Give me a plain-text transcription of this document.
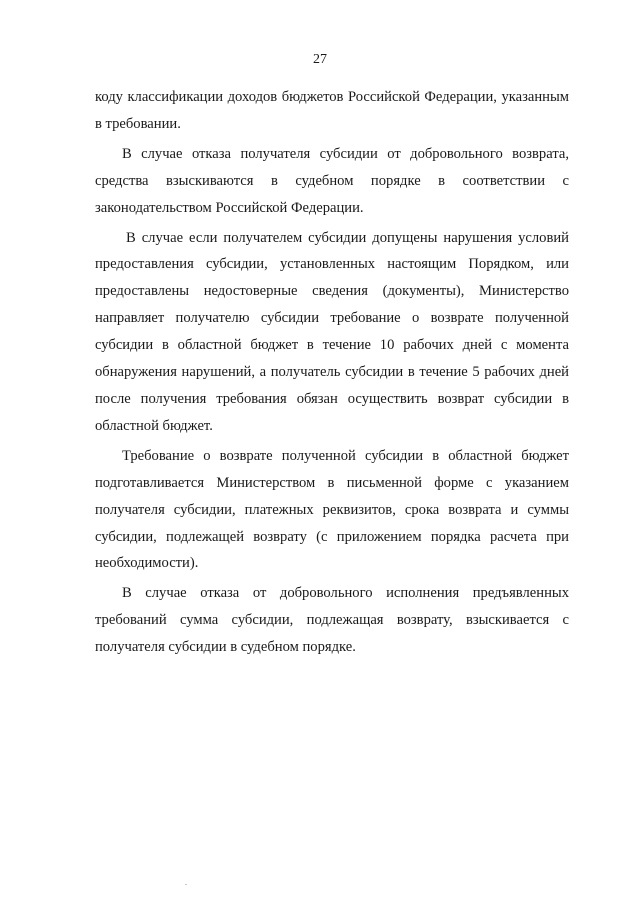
27

коду классификации доходов бюджетов Российской Федерации, указанным в требовании.

В случае отказа получателя субсидии от добровольного возврата, средства взыскиваются в судебном порядке в соответствии с законодательством Российской Федерации.

В случае если получателем субсидии допущены нарушения условий предоставления субсидии, установленных настоящим Порядком, или предоставлены недостоверные сведения (документы), Министерство направляет получателю субсидии требование о возврате полученной субсидии в областной бюджет в течение 10 рабочих дней с момента обнаружения нарушений, а получатель субсидии в течение 5 рабочих дней после получения требования обязан осуществить возврат субсидии в областной бюджет.

Требование о возврате полученной субсидии в областной бюджет подготавливается Министерством в письменной форме с указанием получателя субсидии, платежных реквизитов, срока возврата и суммы субсидии, подлежащей возврату (с приложением порядка расчета при необходимости).

В случае отказа от добровольного исполнения предъявленных требований сумма субсидии, подлежащая возврату, взыскивается с получателя субсидии в судебном порядке.
